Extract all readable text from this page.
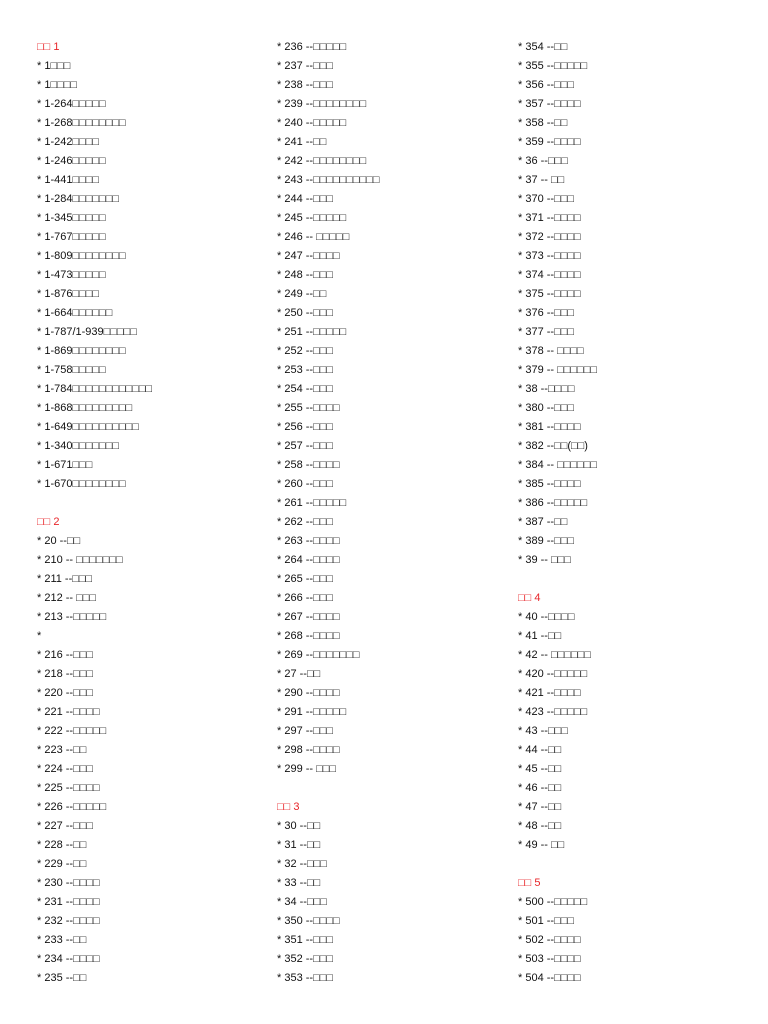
□□ 1
* 1□□□
* 1□□□□
* 1-264□□□□□
* 1-268□□□□□□□□
* 1-242□□□□
* 1-246□□□□□
* 1-441□□□□
* 1-284□□□□□□□
* 1-345□□□□□
* 1-767□□□□□
* 1-809□□□□□□□□
* 1-473□□□□□
* 1-876□□□□
* 1-664□□□□□□
* 1-787/1-939□□□□□
* 1-869□□□□□□□□
* 1-758□□□□□
* 1-784□□□□□□□□□□□□
* 1-868□□□□□□□□□
* 1-649□□□□□□□□□□
* 1-340□□□□□□□
* 1-671□□□
* 1-670□□□□□□□□
□□ 2
* 20 --□□
* 210 -- □□□□□□□
* 211 --□□□
* 212 -- □□□
* 213 --□□□□□
*
* 216 --□□□
* 218 --□□□
* 220 --□□□
* 221 --□□□□
* 222 --□□□□□
* 223 --□□
* 224 --□□□
* 225 --□□□□
* 226 --□□□□□
* 227 --□□□
* 228 --□□
* 229 --□□
* 230 --□□□□
* 231 --□□□□
* 232 --□□□□
* 233 --□□
* 234 --□□□□
* 235 --□□
* 236 --□□□□□
* 237 --□□□
* 238 --□□□
* 239 --□□□□□□□□
* 240 --□□□□□
* 241 --□□
* 242 --□□□□□□□□
* 243 --□□□□□□□□□□
* 244 --□□□
* 245 --□□□□□
* 246 -- □□□□□
* 247 --□□□□
* 248 --□□□
* 249 --□□
* 250 --□□□
* 251 --□□□□□
* 252 --□□□
* 253 --□□□
* 254 --□□□
* 255 --□□□□
* 256 --□□□
* 257 --□□□
* 258 --□□□□
* 260 --□□□
* 261 --□□□□□
* 262 --□□□
* 263 --□□□□
* 264 --□□□□
* 265 --□□□
* 266 --□□□
* 267 --□□□□
* 268 --□□□□
* 269 --□□□□□□□
* 27 --□□
* 290 --□□□□
* 291 --□□□□□
* 297 --□□□
* 298 --□□□□
* 299 -- □□□
□□ 3
* 30 --□□
* 31 --□□
* 32 --□□□
* 33 --□□
* 34 --□□□
* 350 --□□□□
* 351 --□□□
* 352 --□□□
* 353 --□□□
* 354 --□□
* 355 --□□□□□
* 356 --□□□
* 357 --□□□□
* 358 --□□
* 359 --□□□□
* 36 --□□□
* 37 -- □□
* 370 --□□□
* 371 --□□□□
* 372 --□□□□
* 373 --□□□□
* 374 --□□□□
* 375 --□□□□
* 376 --□□□
* 377 --□□□
* 378 -- □□□□
* 379 -- □□□□□□
* 38 --□□□□
* 380 --□□□
* 381 --□□□□
* 382 --□□(□□)
* 384 -- □□□□□□
* 385 --□□□□
* 386 --□□□□□
* 387 --□□
* 389 --□□□
* 39 -- □□□
□□ 4
* 40 --□□□□
* 41 --□□
* 42 -- □□□□□□
* 420 --□□□□□
* 421 --□□□□
* 423 --□□□□□
* 43 --□□□
* 44 --□□
* 45 --□□
* 46 --□□
* 47 --□□
* 48 --□□
* 49 -- □□
□□ 5
* 500 --□□□□□
* 501 --□□□
* 502 --□□□□
* 503 --□□□□
* 504 --□□□□
